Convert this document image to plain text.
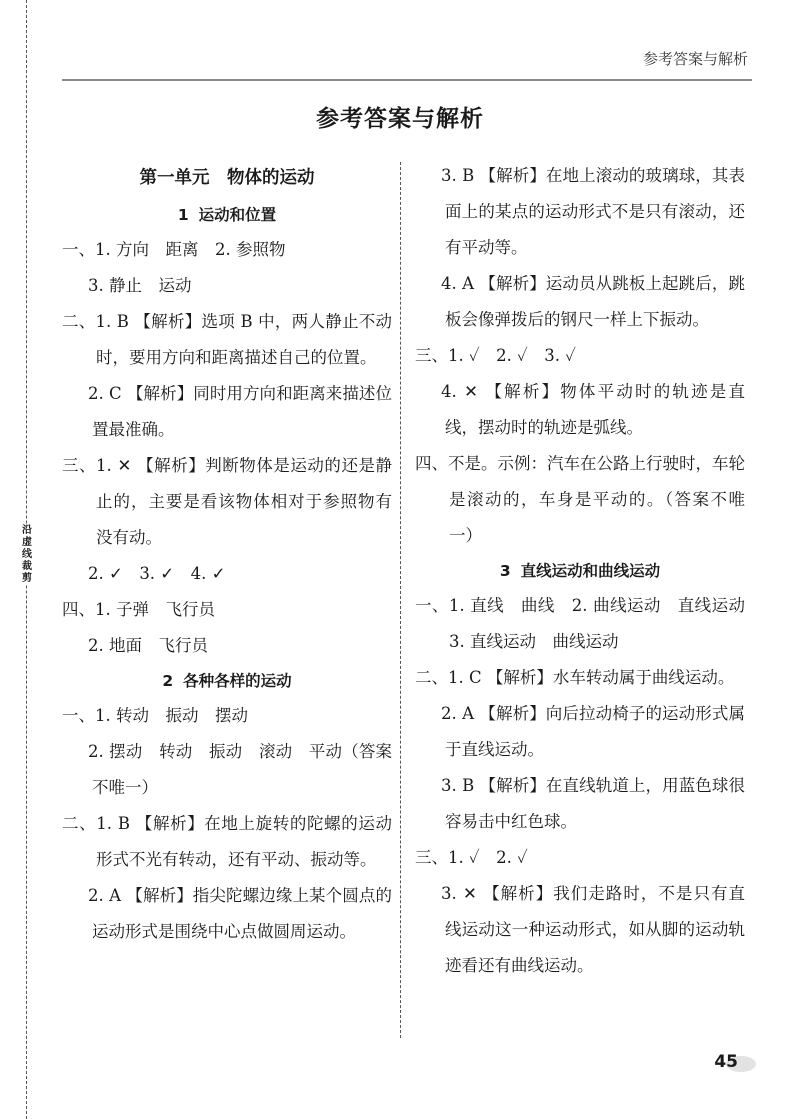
沿虚线裁剪
参考答案与解析
参考答案与解析
第一单元　物体的运动
1 运动和位置
一、1. 方向　距离　2. 参照物
3. 静止　运动
二、1. B 【解析】选项 B 中，两人静止不动时，要用方向和距离描述自己的位置。
2. C 【解析】同时用方向和距离来描述位置最准确。
三、1. ✕ 【解析】判断物体是运动的还是静止的，主要是看该物体相对于参照物有没有动。
2. ✓　3. ✓　4. ✓
四、1. 子弹　飞行员
2. 地面　飞行员
2 各种各样的运动
一、1. 转动　振动　摆动
2. 摆动　转动　振动　滚动　平动（答案不唯一）
二、1. B 【解析】在地上旋转的陀螺的运动形式不光有转动，还有平动、振动等。
2. A 【解析】指尖陀螺边缘上某个圆点的运动形式是围绕中心点做圆周运动。
3. B 【解析】在地上滚动的玻璃球，其表面上的某点的运动形式不是只有滚动，还有平动等。
4. A 【解析】运动员从跳板上起跳后，跳板会像弹拨后的钢尺一样上下振动。
三、1. ✓　2. ✓　3. ✓
4. ✕ 【解析】物体平动时的轨迹是直线，摆动时的轨迹是弧线。
四、不是。示例：汽车在公路上行驶时，车轮是滚动的，车身是平动的。（答案不唯一）
3 直线运动和曲线运动
一、1. 直线　曲线　2. 曲线运动　直线运动　3. 直线运动　曲线运动
二、1. C 【解析】水车转动属于曲线运动。
2. A 【解析】向后拉动椅子的运动形式属于直线运动。
3. B 【解析】在直线轨道上，用蓝色球很容易击中红色球。
三、1. ✓　2. ✓
3. ✕ 【解析】我们走路时，不是只有直线运动这一种运动形式，如从脚的运动轨迹看还有曲线运动。
45
